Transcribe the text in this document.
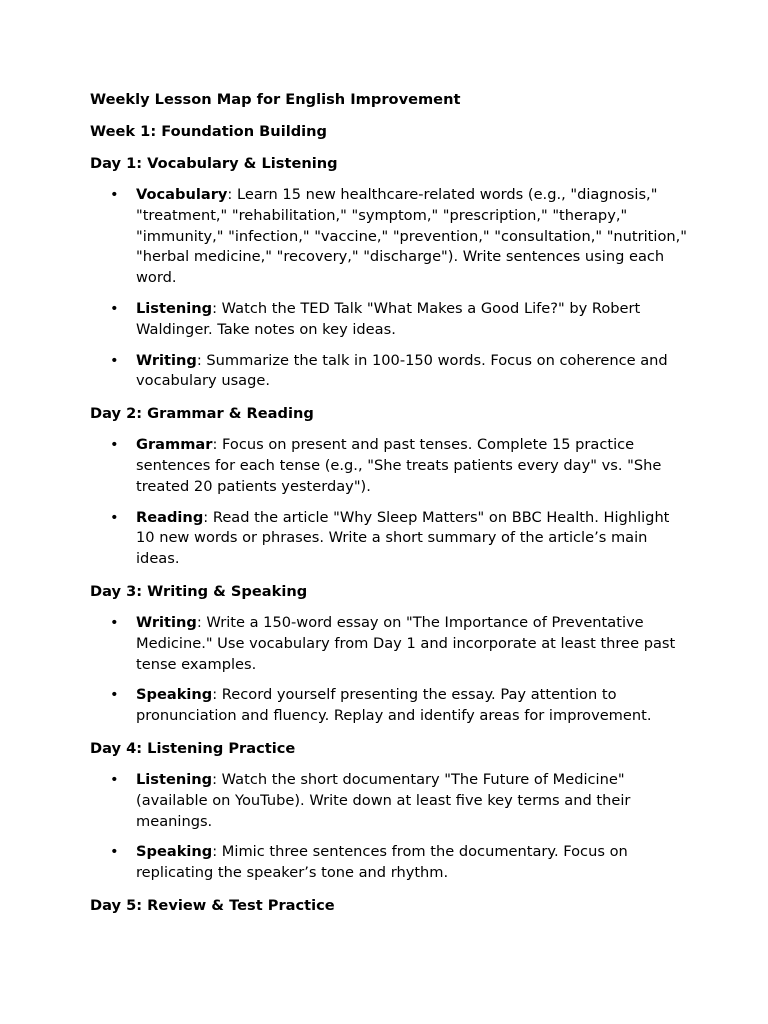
Weekly Lesson Map for English Improvement

Week 1: Foundation Building

Day 1: Vocabulary & Listening

• Vocabulary: Learn 15 new healthcare-related words (e.g., "diagnosis," "treatment," "rehabilitation," "symptom," "prescription," "therapy," "immunity," "infection," "vaccine," "prevention," "consultation," "nutrition," "herbal medicine," "recovery," "discharge"). Write sentences using each word.
• Listening: Watch the TED Talk "What Makes a Good Life?" by Robert Waldinger. Take notes on key ideas.
• Writing: Summarize the talk in 100-150 words. Focus on coherence and vocabulary usage.

Day 2: Grammar & Reading

• Grammar: Focus on present and past tenses. Complete 15 practice sentences for each tense (e.g., "She treats patients every day" vs. "She treated 20 patients yesterday").
• Reading: Read the article "Why Sleep Matters" on BBC Health. Highlight 10 new words or phrases. Write a short summary of the article’s main ideas.

Day 3: Writing & Speaking

• Writing: Write a 150-word essay on "The Importance of Preventative Medicine." Use vocabulary from Day 1 and incorporate at least three past tense examples.
• Speaking: Record yourself presenting the essay. Pay attention to pronunciation and fluency. Replay and identify areas for improvement.

Day 4: Listening Practice

• Listening: Watch the short documentary "The Future of Medicine" (available on YouTube). Write down at least five key terms and their meanings.
• Speaking: Mimic three sentences from the documentary. Focus on replicating the speaker’s tone and rhythm.

Day 5: Review & Test Practice
